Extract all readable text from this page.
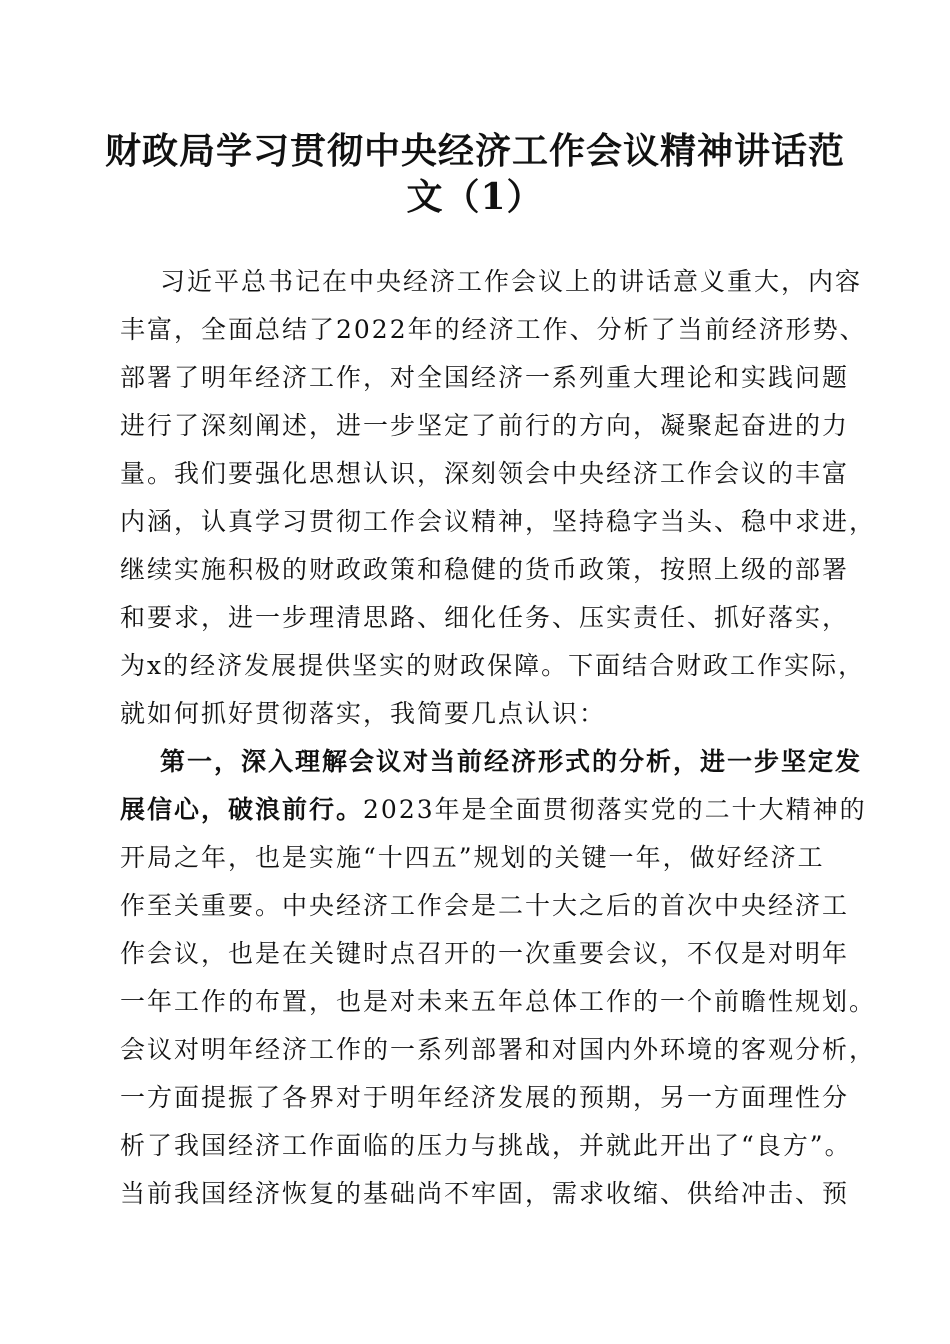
财政局学习贯彻中央经济工作会议精神讲话范
文（1）
习近平总书记在中央经济工作会议上的讲话意义重大，内容
丰富，全面总结了2022年的经济工作、分析了当前经济形势、
部署了明年经济工作，对全国经济一系列重大理论和实践问题
进行了深刻阐述，进一步坚定了前行的方向，凝聚起奋进的力
量。我们要强化思想认识，深刻领会中央经济工作会议的丰富
内涵，认真学习贯彻工作会议精神，坚持稳字当头、稳中求进，
继续实施积极的财政政策和稳健的货币政策，按照上级的部署
和要求，进一步理清思路、细化任务、压实责任、抓好落实，
为x的经济发展提供坚实的财政保障。下面结合财政工作实际，
就如何抓好贯彻落实，我简要几点认识：
第一，深入理解会议对当前经济形式的分析，进一步坚定发
展信心，破浪前行。2023年是全面贯彻落实党的二十大精神的
开局之年，也是实施“十四五”规划的关键一年，做好经济工
作至关重要。中央经济工作会是二十大之后的首次中央经济工
作会议，也是在关键时点召开的一次重要会议，不仅是对明年
一年工作的布置，也是对未来五年总体工作的一个前瞻性规划。
会议对明年经济工作的一系列部署和对国内外环境的客观分析，
一方面提振了各界对于明年经济发展的预期，另一方面理性分
析了我国经济工作面临的压力与挑战，并就此开出了“良方”。
当前我国经济恢复的基础尚不牢固，需求收缩、供给冲击、预
